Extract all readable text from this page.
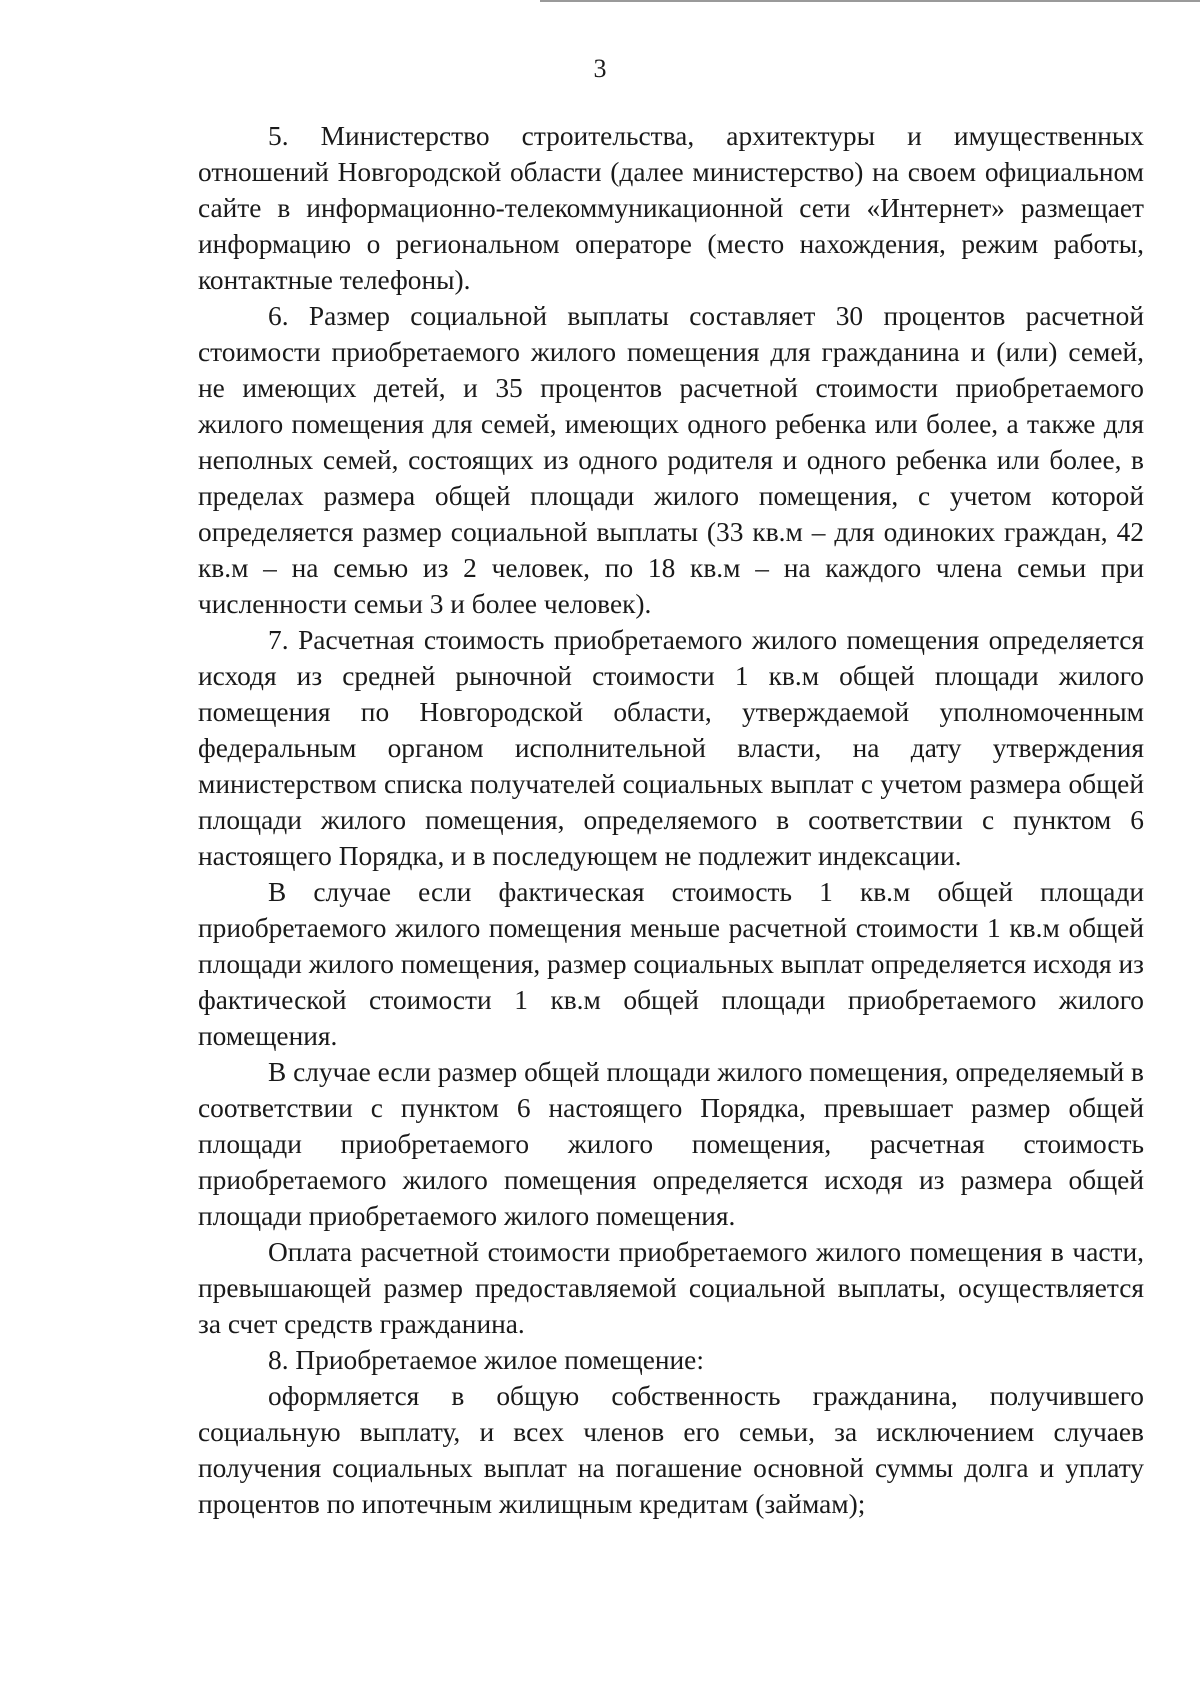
3

5. Министерство строительства, архитектуры и имущественных отношений Новгородской области (далее министерство) на своем официальном сайте в информационно-телекоммуникационной сети «Интернет» размещает информацию о региональном операторе (место нахождения, режим работы, контактные телефоны).

6. Размер социальной выплаты составляет 30 процентов расчетной стоимости приобретаемого жилого помещения для гражданина и (или) семей, не имеющих детей, и 35 процентов расчетной стоимости приобретаемого жилого помещения для семей, имеющих одного ребенка или более, а также для неполных семей, состоящих из одного родителя и одного ребенка или более, в пределах размера общей площади жилого помещения, с учетом которой определяется размер социальной выплаты (33 кв.м – для одиноких граждан, 42 кв.м – на семью из 2 человек, по 18 кв.м – на каждого члена семьи при численности семьи 3 и более человек).

7. Расчетная стоимость приобретаемого жилого помещения определяется исходя из средней рыночной стоимости 1 кв.м общей площади жилого помещения по Новгородской области, утверждаемой уполномоченным федеральным органом исполнительной власти, на дату утверждения министерством списка получателей социальных выплат с учетом размера общей площади жилого помещения, определяемого в соответствии с пунктом 6 настоящего Порядка, и в последующем не подлежит индексации.

В случае если фактическая стоимость 1 кв.м общей площади приобретаемого жилого помещения меньше расчетной стоимости 1 кв.м общей площади жилого помещения, размер социальных выплат определяется исходя из фактической стоимости 1 кв.м общей площади приобретаемого жилого помещения.

В случае если размер общей площади жилого помещения, определяемый в соответствии с пунктом 6 настоящего Порядка, превышает размер общей площади приобретаемого жилого помещения, расчетная стоимость приобретаемого жилого помещения определяется исходя из размера общей площади приобретаемого жилого помещения.

Оплата расчетной стоимости приобретаемого жилого помещения в части, превышающей размер предоставляемой социальной выплаты, осуществляется за счет средств гражданина.

8. Приобретаемое жилое помещение:

оформляется в общую собственность гражданина, получившего социальную выплату, и всех членов его семьи, за исключением случаев получения социальных выплат на погашение основной суммы долга и уплату процентов по ипотечным жилищным кредитам (займам);
